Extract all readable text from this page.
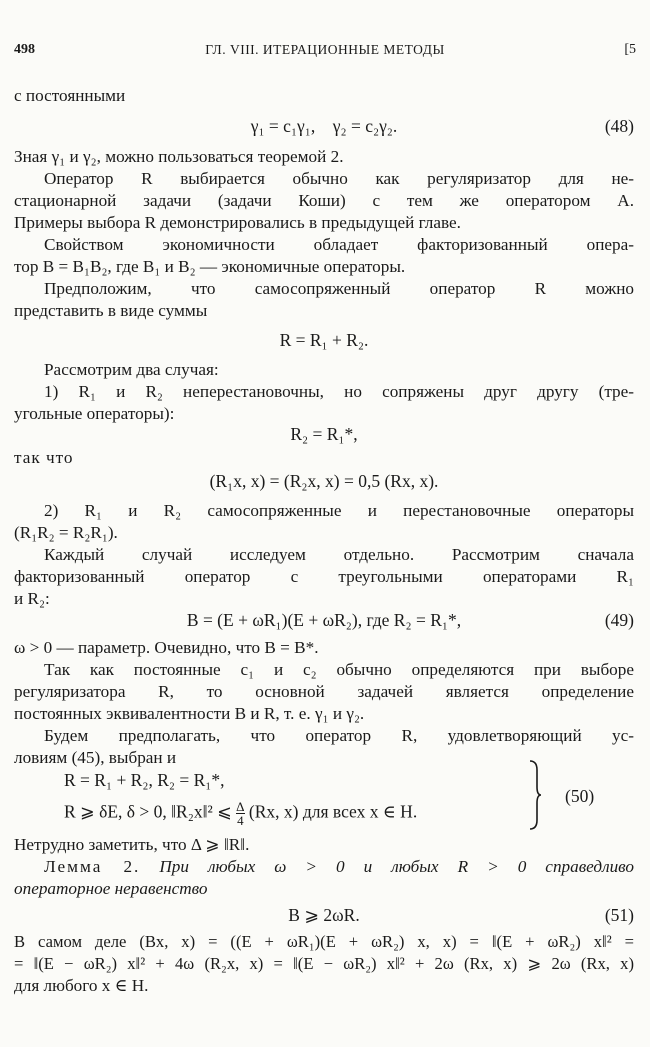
498	ГЛ. VIII. ИТЕРАЦИОННЫЕ МЕТОДЫ	[5
с постоянными
γ₁ = c₁γ₁, γ₂ = c₂γ₂.	(48)
Зная γ₁ и γ₂, можно пользоваться теоремой 2.
Оператор R выбирается обычно как регуляризатор для не-
стационарной задачи (задачи Коши) с тем же оператором A.
Примеры выбора R демонстрировались в предыдущей главе.
Свойством экономичности обладает факторизованный опера-
тор B = B₁B₂, где B₁ и B₂ — экономичные операторы.
Предположим, что самосопряженный оператор R можно
представить в виде суммы
R = R₁ + R₂.
Рассмотрим два случая:
1) R₁ и R₂ неперестановочны, но сопряжены друг другу (тре-
угольные операторы):
R₂ = R₁*,
так что
(R₁x, x) = (R₂x, x) = 0,5 (Rx, x).
2) R₁ и R₂ самосопряженные и перестановочные операторы
(R₁R₂ = R₂R₁).
Каждый случай исследуем отдельно. Рассмотрим сначала
факторизованный оператор с треугольными операторами R₁
и R₂:
B = (E + ωR₁)(E + ωR₂), где R₂ = R₁*,	(49)
ω > 0 — параметр. Очевидно, что B = B*.
Так как постоянные c₁ и c₂ обычно определяются при выборе
регуляризатора R, то основной задачей является определение
постоянных эквивалентности B и R, т. е. γ₁ и γ₂.
Будем предполагать, что оператор R, удовлетворяющий ус-
ловиям (45), выбран и
R = R₁ + R₂, R₂ = R₁*,
R ⩾ δE, δ > 0, ‖R₂x‖² ⩽ $\frac{\Delta}{4} (Rx$, x) для всех x ∈ H.
(50)
Нетрудно заметить, что Δ ⩾ ‖R‖.
Лемма 2. При любых ω > 0 и любых R > 0 справедливо
операторное неравенство
B ⩾ 2ωR.	(51)
В самом деле (Bx, x) = ((E + ωR₁)(E + ωR₂) x, x) = ‖(E + ωR₂) x‖² =
= ‖(E − ωR₂) x‖² + 4ω (R₂x, x) = ‖(E − ωR₂) x‖² + 2ω (Rx, x) ⩾ 2ω (Rx, x)
для любого x ∈ H.
